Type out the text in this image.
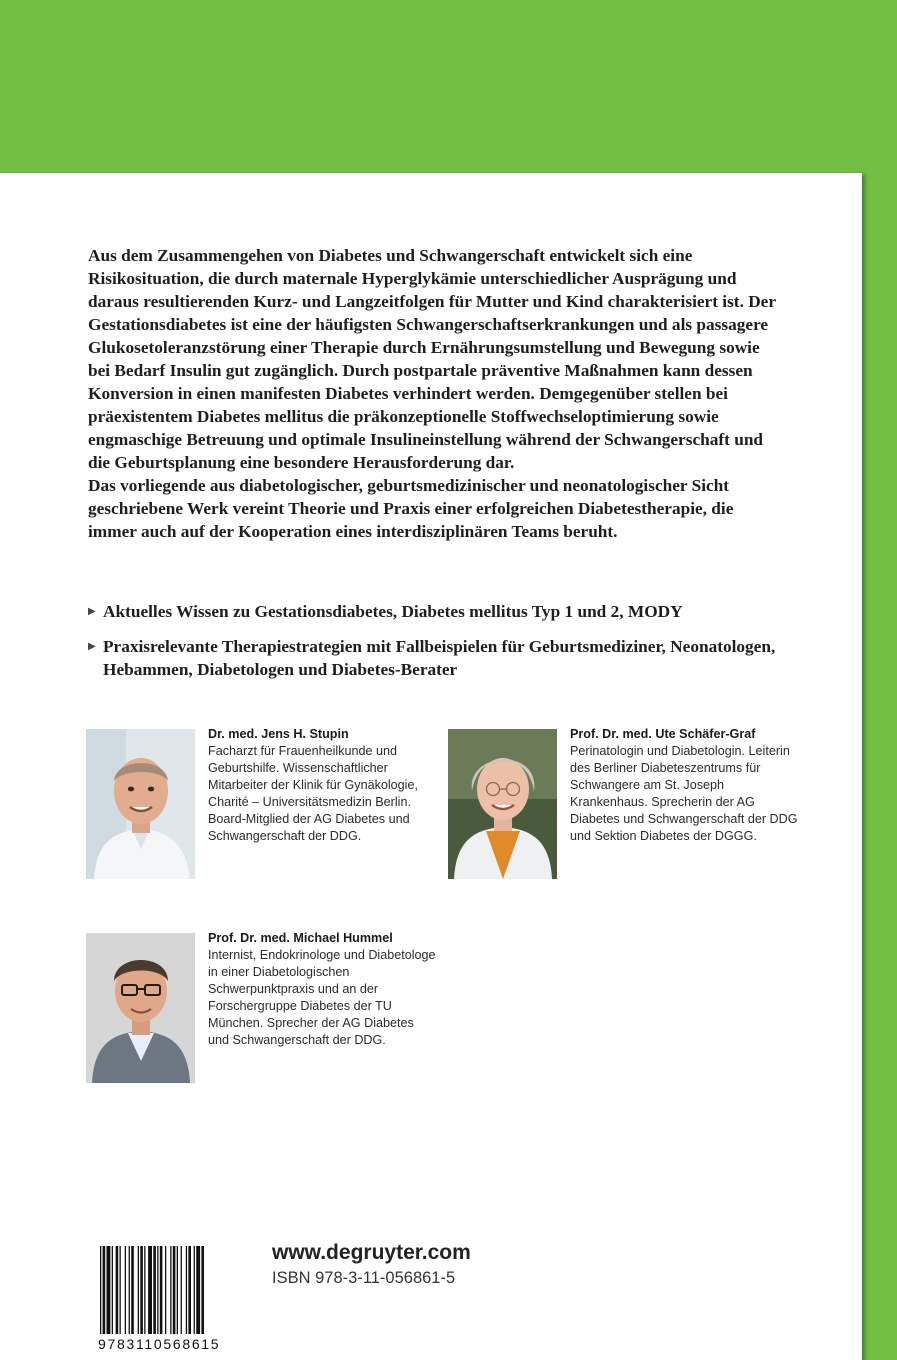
Aus dem Zusammengehen von Diabetes und Schwangerschaft entwickelt sich eine Risikosituation, die durch maternale Hyperglykämie unterschiedlicher Ausprägung und daraus resultierenden Kurz- und Langzeitfolgen für Mutter und Kind charakterisiert ist. Der Gestationsdiabetes ist eine der häufigsten Schwangerschaftserkrankungen und als passagere Glukosetoleranzstörung einer Therapie durch Ernährungsumstellung und Bewegung sowie bei Bedarf Insulin gut zugänglich. Durch postpartale präventive Maßnahmen kann dessen Konversion in einen manifesten Diabetes verhindert werden. Demgegenüber stellen bei präexistentem Diabetes mellitus die präkonzeptionelle Stoffwechseloptimierung sowie engmaschige Betreuung und optimale Insulineinstellung während der Schwangerschaft und die Geburtsplanung eine besondere Herausforderung dar.

Das vorliegende aus diabetologischer, geburtsmedizinischer und neonatologischer Sicht geschriebene Werk vereint Theorie und Praxis einer erfolgreichen Diabetestherapie, die immer auch auf der Kooperation eines interdisziplinären Teams beruht.

▶ Aktuelles Wissen zu Gestationsdiabetes, Diabetes mellitus Typ 1 und 2, MODY
▶ Praxisrelevante Therapiestrategien mit Fallbeispielen für Geburtsmediziner, Neonatologen, Hebammen, Diabetologen und Diabetes-Berater
Dr. med. Jens H. Stupin
Facharzt für Frauenheilkunde und Geburtshilfe. Wissenschaftlicher Mitarbeiter der Klinik für Gynäkologie, Charité – Universitätsmedizin Berlin. Board-Mitglied der AG Diabetes und Schwangerschaft der DDG.
Prof. Dr. med. Ute Schäfer-Graf
Perinatologin und Diabetologin. Leiterin des Berliner Diabeteszentrums für Schwangere am St. Joseph Krankenhaus. Sprecherin der AG Diabetes und Schwangerschaft der DDG und Sektion Diabetes der DGGG.
Prof. Dr. med. Michael Hummel
Internist, Endokrinologe und Diabetologe in einer Diabetologischen Schwerpunktpraxis und an der Forschergruppe Diabetes der TU München. Sprecher der AG Diabetes und Schwangerschaft der DDG.
9783110568615
www.degruyter.com
ISBN 978-3-11-056861-5
